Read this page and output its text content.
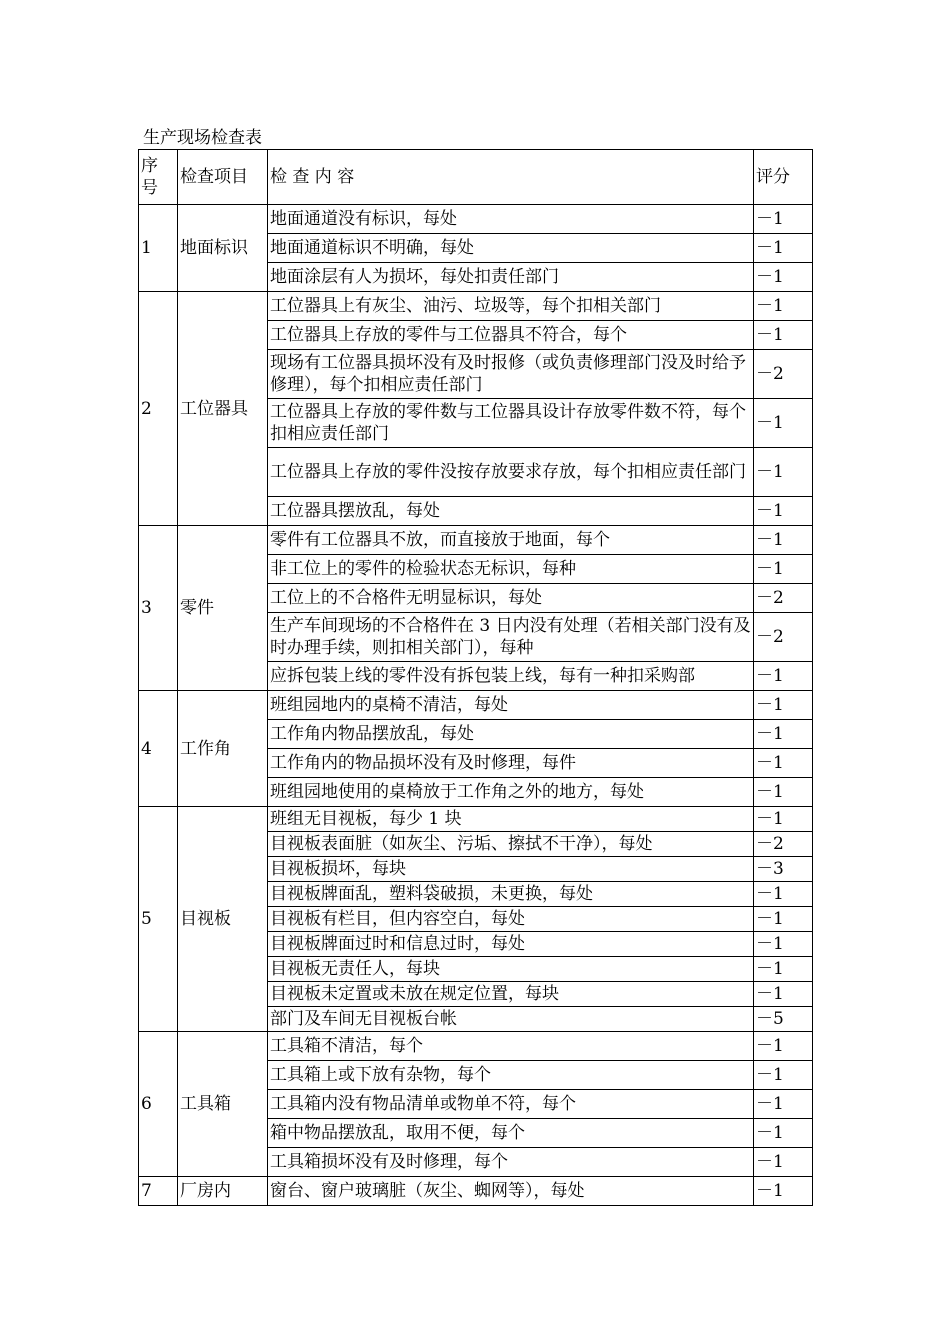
生产现场检查表
序号	检查项目	检 查 内 容	评分
1	地面标识	地面通道没有标识，每处	－1
		地面通道标识不明确，每处	－1
		地面涂层有人为损坏，每处扣责任部门	－1
2	工位器具	工位器具上有灰尘、油污、垃圾等，每个扣相关部门	－1
		工位器具上存放的零件与工位器具不符合，每个	－1
		现场有工位器具损坏没有及时报修（或负责修理部门没及时给予修理），每个扣相应责任部门	－2
		工位器具上存放的零件数与工位器具设计存放零件数不符，每个扣相应责任部门	－1
		工位器具上存放的零件没按存放要求存放，每个扣相应责任部门	－1
		工位器具摆放乱，每处	－1
3	零件	零件有工位器具不放，而直接放于地面，每个	－1
		非工位上的零件的检验状态无标识，每种	－1
		工位上的不合格件无明显标识，每处	－2
		生产车间现场的不合格件在 3 日内没有处理（若相关部门没有及时办理手续，则扣相关部门），每种	－2
		应拆包装上线的零件没有拆包装上线，每有一种扣采购部	－1
4	工作角	班组园地内的桌椅不清洁，每处	－1
		工作角内物品摆放乱，每处	－1
		工作角内的物品损坏没有及时修理，每件	－1
		班组园地使用的桌椅放于工作角之外的地方，每处	－1
5	目视板	班组无目视板，每少 1 块	－1
		目视板表面脏（如灰尘、污垢、擦拭不干净），每处	－2
		目视板损坏，每块	－3
		目视板牌面乱，塑料袋破损，未更换，每处	－1
		目视板有栏目，但内容空白，每处	－1
		目视板牌面过时和信息过时，每处	－1
		目视板无责任人，每块	－1
		目视板未定置或未放在规定位置，每块	－1
		部门及车间无目视板台帐	－5
6	工具箱	工具箱不清洁，每个	－1
		工具箱上或下放有杂物，每个	－1
		工具箱内没有物品清单或物单不符，每个	－1
		箱中物品摆放乱，取用不便，每个	－1
		工具箱损坏没有及时修理，每个	－1
7	厂房内	窗台、窗户玻璃脏（灰尘、蜘网等），每处	－1
